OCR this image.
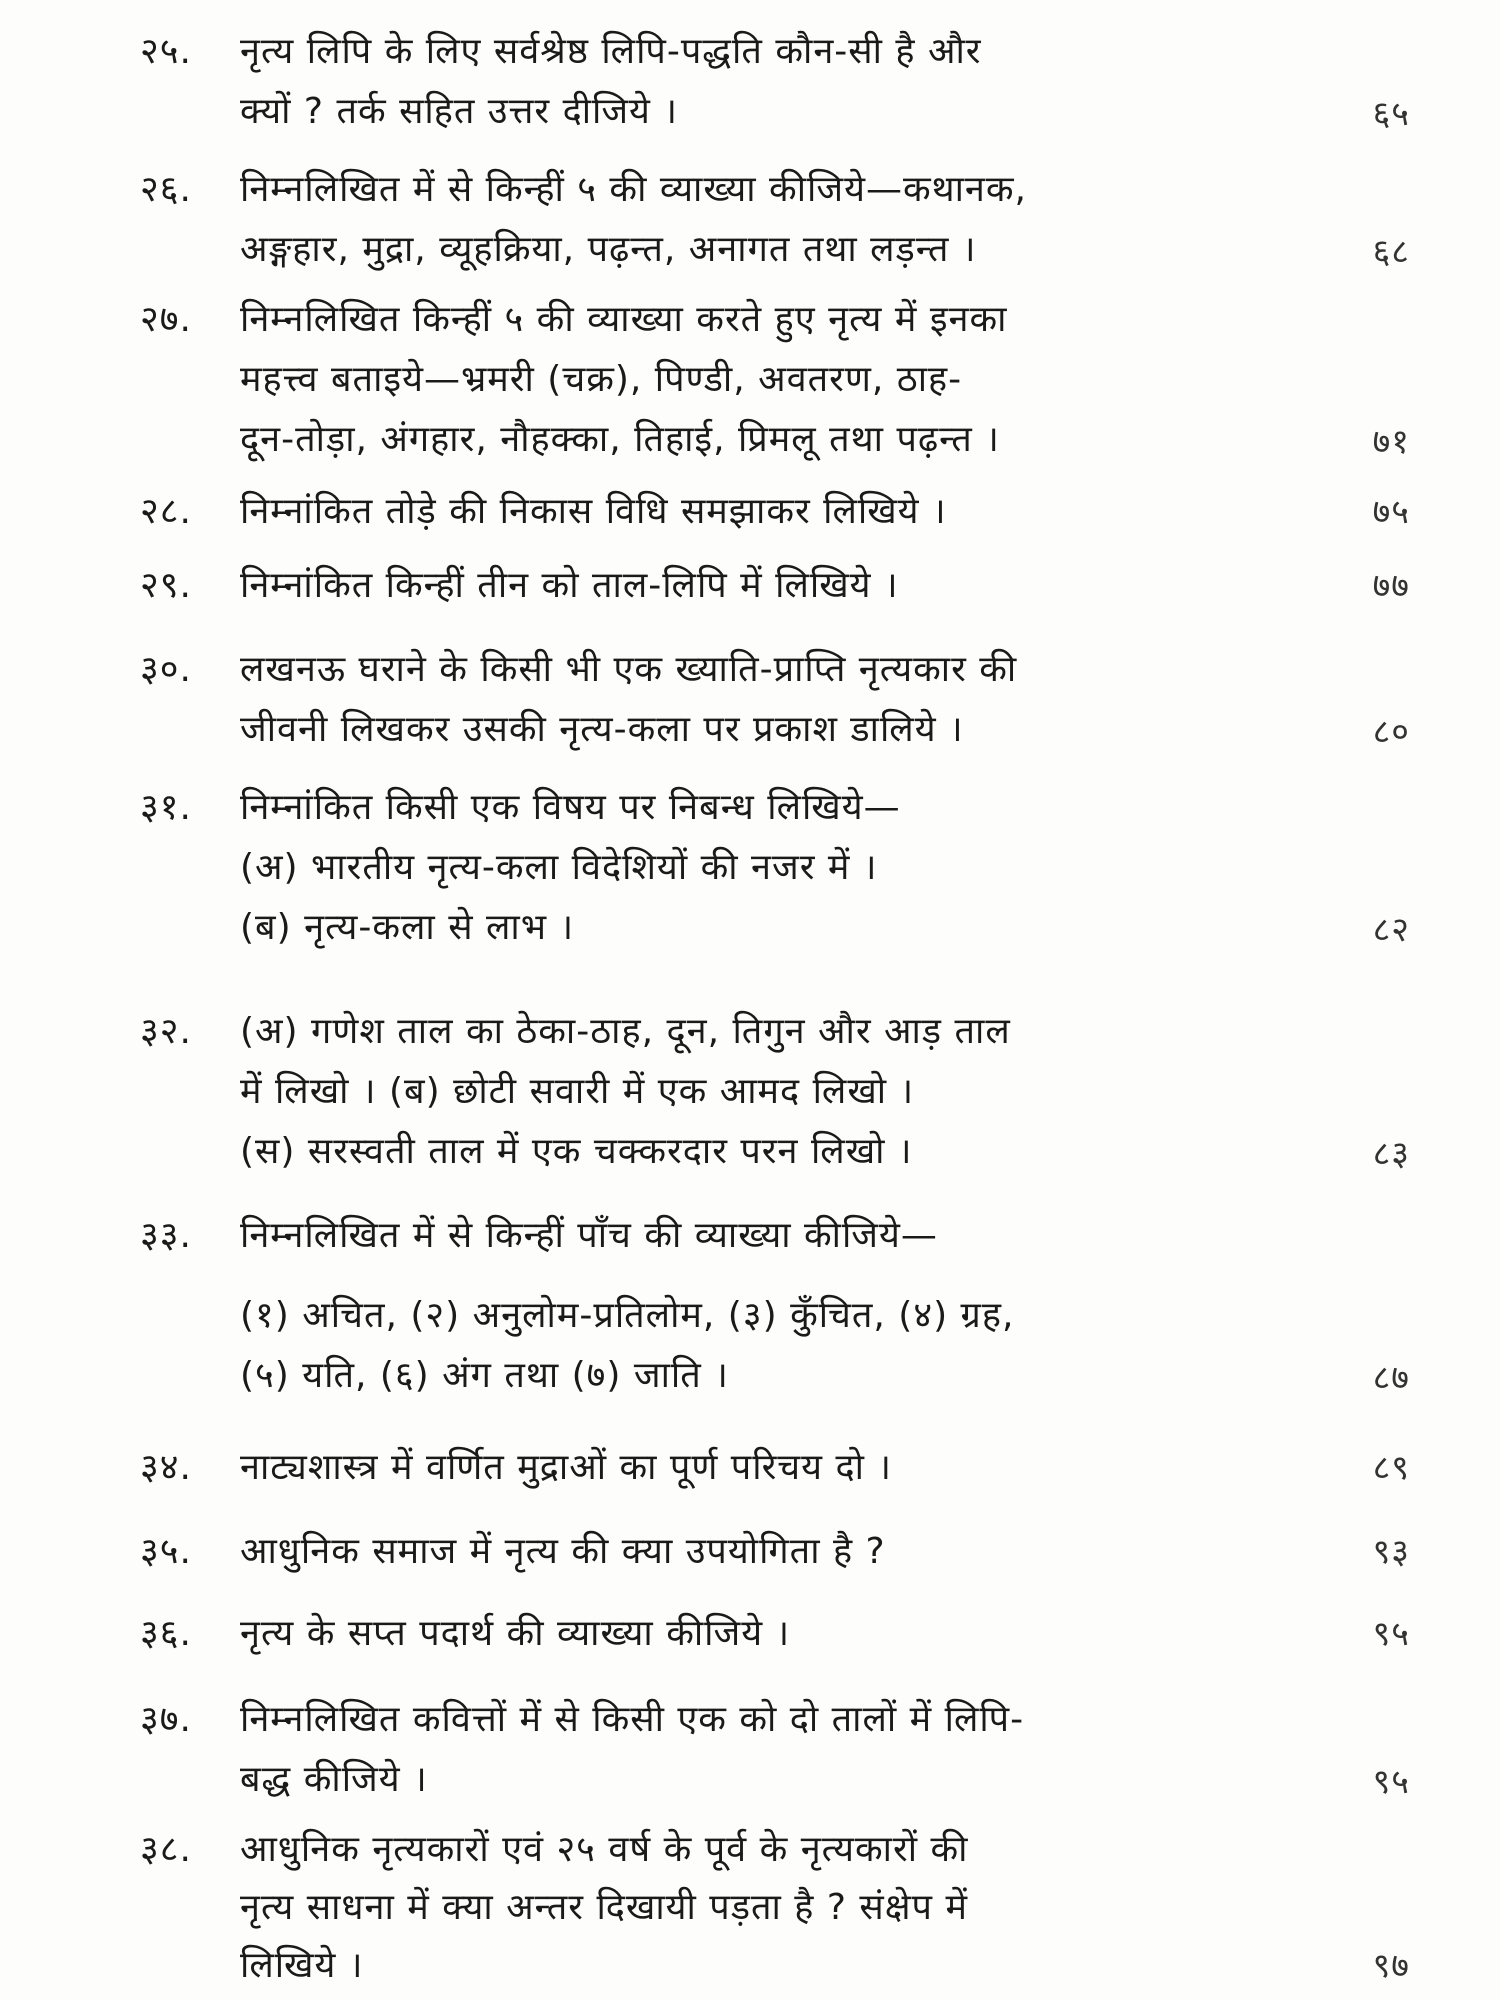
२५.	नृत्य लिपि के लिए सर्वश्रेष्ठ लिपि-पद्धति कौन-सी है और
क्यों ? तर्क सहित उत्तर दीजिये ।	६५
२६.	निम्नलिखित में से किन्हीं ५ की व्याख्या कीजिये—कथानक,
अङ्गहार, मुद्रा, व्यूहक्रिया, पढ़न्त, अनागत तथा लड़न्त ।	६८
२७.	निम्नलिखित किन्हीं ५ की व्याख्या करते हुए नृत्य में इनका
महत्त्व बताइये—भ्रमरी (चक्र), पिण्डी, अवतरण, ठाह-
दून-तोड़ा, अंगहार, नौहक्का, तिहाई, प्रिमलू तथा पढ़न्त ।	७१
२८.	निम्नांकित तोड़े की निकास विधि समझाकर लिखिये ।	७५
२९.	निम्नांकित किन्हीं तीन को ताल-लिपि में लिखिये ।	७७
३०.	लखनऊ घराने के किसी भी एक ख्याति-प्राप्ति नृत्यकार की
जीवनी लिखकर उसकी नृत्य-कला पर प्रकाश डालिये ।	८०
३१.	निम्नांकित किसी एक विषय पर निबन्ध लिखिये—
(अ) भारतीय नृत्य-कला विदेशियों की नजर में ।
(ब) नृत्य-कला से लाभ ।	८२
३२.	(अ) गणेश ताल का ठेका-ठाह, दून, तिगुन और आड़ ताल
में लिखो । (ब) छोटी सवारी में एक आमद लिखो ।
(स) सरस्वती ताल में एक चक्करदार परन लिखो ।	८३
३३.	निम्नलिखित में से किन्हीं पाँच की व्याख्या कीजिये—
(१) अचित, (२) अनुलोम-प्रतिलोम, (३) कुँचित, (४) ग्रह,
(५) यति, (६) अंग तथा (७) जाति ।	८७
३४.	नाट्यशास्त्र में वर्णित मुद्राओं का पूर्ण परिचय दो ।	८९
३५.	आधुनिक समाज में नृत्य की क्या उपयोगिता है ?	९३
३६.	नृत्य के सप्त पदार्थ की व्याख्या कीजिये ।	९५
३७.	निम्नलिखित कवित्तों में से किसी एक को दो तालों में लिपि-
बद्ध कीजिये ।	९५
३८.	आधुनिक नृत्यकारों एवं २५ वर्ष के पूर्व के नृत्यकारों की
नृत्य साधना में क्या अन्तर दिखायी पड़ता है ? संक्षेप में
लिखिये ।	९७
